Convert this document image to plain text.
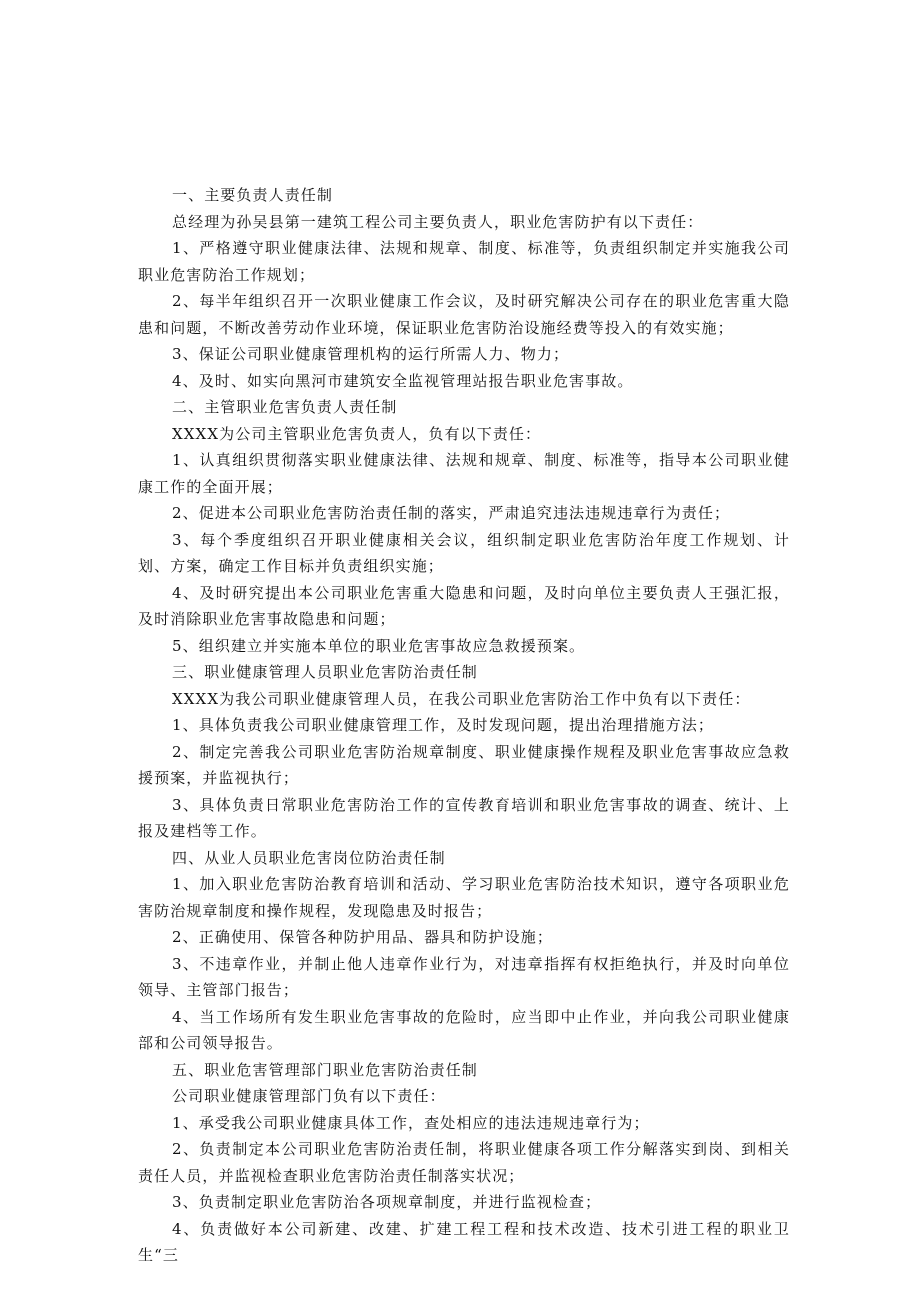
一、主要负责人责任制

总经理为孙吴县第一建筑工程公司主要负责人，职业危害防护有以下责任：

1、严格遵守职业健康法律、法规和规章、制度、标准等，负责组织制定并实施我公司职业危害防治工作规划；

2、每半年组织召开一次职业健康工作会议，及时研究解决公司存在的职业危害重大隐患和问题，不断改善劳动作业环境，保证职业危害防治设施经费等投入的有效实施；

3、保证公司职业健康管理机构的运行所需人力、物力；

4、及时、如实向黑河市建筑安全监视管理站报告职业危害事故。

二、主管职业危害负责人责任制

XXXX为公司主管职业危害负责人，负有以下责任：

1、认真组织贯彻落实职业健康法律、法规和规章、制度、标准等，指导本公司职业健康工作的全面开展；

2、促进本公司职业危害防治责任制的落实，严肃追究违法违规违章行为责任；

3、每个季度组织召开职业健康相关会议，组织制定职业危害防治年度工作规划、计划、方案，确定工作目标并负责组织实施；

4、及时研究提出本公司职业危害重大隐患和问题，及时向单位主要负责人王强汇报，及时消除职业危害事故隐患和问题；

5、组织建立并实施本单位的职业危害事故应急救援预案。

三、职业健康管理人员职业危害防治责任制

XXXX为我公司职业健康管理人员，在我公司职业危害防治工作中负有以下责任：

1、具体负责我公司职业健康管理工作，及时发现问题，提出治理措施方法；

2、制定完善我公司职业危害防治规章制度、职业健康操作规程及职业危害事故应急救援预案，并监视执行；

3、具体负责日常职业危害防治工作的宣传教育培训和职业危害事故的调查、统计、上报及建档等工作。

四、从业人员职业危害岗位防治责任制

1、加入职业危害防治教育培训和活动、学习职业危害防治技术知识，遵守各项职业危害防治规章制度和操作规程，发现隐患及时报告；

2、正确使用、保管各种防护用品、器具和防护设施；

3、不违章作业，并制止他人违章作业行为，对违章指挥有权拒绝执行，并及时向单位领导、主管部门报告；

4、当工作场所有发生职业危害事故的危险时，应当即中止作业，并向我公司职业健康部和公司领导报告。

五、职业危害管理部门职业危害防治责任制

公司职业健康管理部门负有以下责任：

1、承受我公司职业健康具体工作，查处相应的违法违规违章行为；

2、负责制定本公司职业危害防治责任制，将职业健康各项工作分解落实到岗、到相关责任人员，并监视检查职业危害防治责任制落实状况；

3、负责制定职业危害防治各项规章制度，并进行监视检查；

4、负责做好本公司新建、改建、扩建工程工程和技术改造、技术引进工程的职业卫生“三
